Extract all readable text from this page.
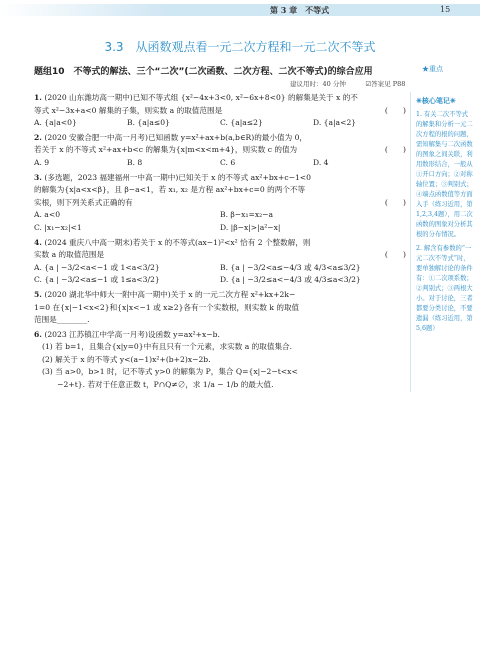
第 3 章　不等式	15
3.3　从函数观点看一元二次方程和一元二次不等式
题组10　不等式的解法、三个“二次”(二次函数、二次方程、二次不等式)的综合应用	★重点
建议用时：40 分钟　　　☑答案见 P88
1. (2020 山东潍坊高一期中)已知不等式组 {x²−4x+3<0, x²−6x+8<0} 的解集是关于 x 的不
等式 x²−3x+a<0 解集的子集，则实数 a 的取值范围是	(　　)
A. {a|a<0}	B. {a|a≤0}	C. {a|a≤2}	D. {a|a<2}
2. (2020 安徽合肥一中高一月考)已知函数 y=x²+ax+b(a,b∈R)的最小值为 0，
若关于 x 的不等式 x²+ax+b<c 的解集为{x|m<x<m+4}，则实数 c 的值为	(　　)
A. 9	B. 8	C. 6	D. 4
3. (多选题，2023 福建福州一中高一期中)已知关于 x 的不等式 ax²+bx+c−1<0
的解集为{x|a<x<β}，且 β−a<1，若 x₁, x₂ 是方程 ax²+bx+c=0 的两个不等
实根，则下列关系式正确的有	(　　)
A. a<0	B. β−x₁=x₂−a
C. |x₁−x₂|<1	D. |β−x|>|a²−x|
4. (2024 重庆八中高一期末)若关于 x 的不等式(ax−1)²<x² 恰有 2 个整数解，则
实数 a 的取值范围是	(　　)
A. {a | −3/2<a<−1 或 1<a<3/2}	B. {a | −3/2<a≤−4/3 或 4/3<a≤3/2}
C. {a | −3/2<a≤−1 或 1≤a<3/2}	D. {a | −3/2≤a<−4/3 或 4/3≤a<3/2}
5. (2020 湖北华中师大一附中高一期中)关于 x 的一元二次方程 x²+kx+2k−
1=0 在{x|−1<x<2}和{x|x<−1 或 x≥2}各有一个实数根，则实数 k 的取值
范围是________.
6. (2023 江苏镇江中学高一月考)设函数 y=ax²+x−b.
(1) 若 b=1，且集合{x|y=0}中有且只有一个元素，求实数 a 的取值集合.
(2) 解关于 x 的不等式 y<(a−1)x²+(b+2)x−2b.
(3) 当 a>0，b>1 时，记不等式 y>0 的解集为 P，集合 Q={x|−2−t<x<
　　−2+t}. 若对于任意正数 t，P∩Q≠∅，求 1/a − 1/b 的最大值.
✳核心笔记✳
1. 有关二次不等式的解集和分析一元二次方程的根的问题，需知解集与二次函数的图象之间关联，利用数形结合，一般从①开口方向；②对称轴位置；③判别式；④端点函数值等方面入手（练习近用，第1,2,3,4题），用二次函数的图象对分析其根的分布情况。
2. 解含有参数的“一元二次不等式”时，要单独解讨论的条件有：①二次项系数；②判别式；③两根大小。对于讨论，三者都要分类讨论，不要遗漏（练习近用，第5,6题）
